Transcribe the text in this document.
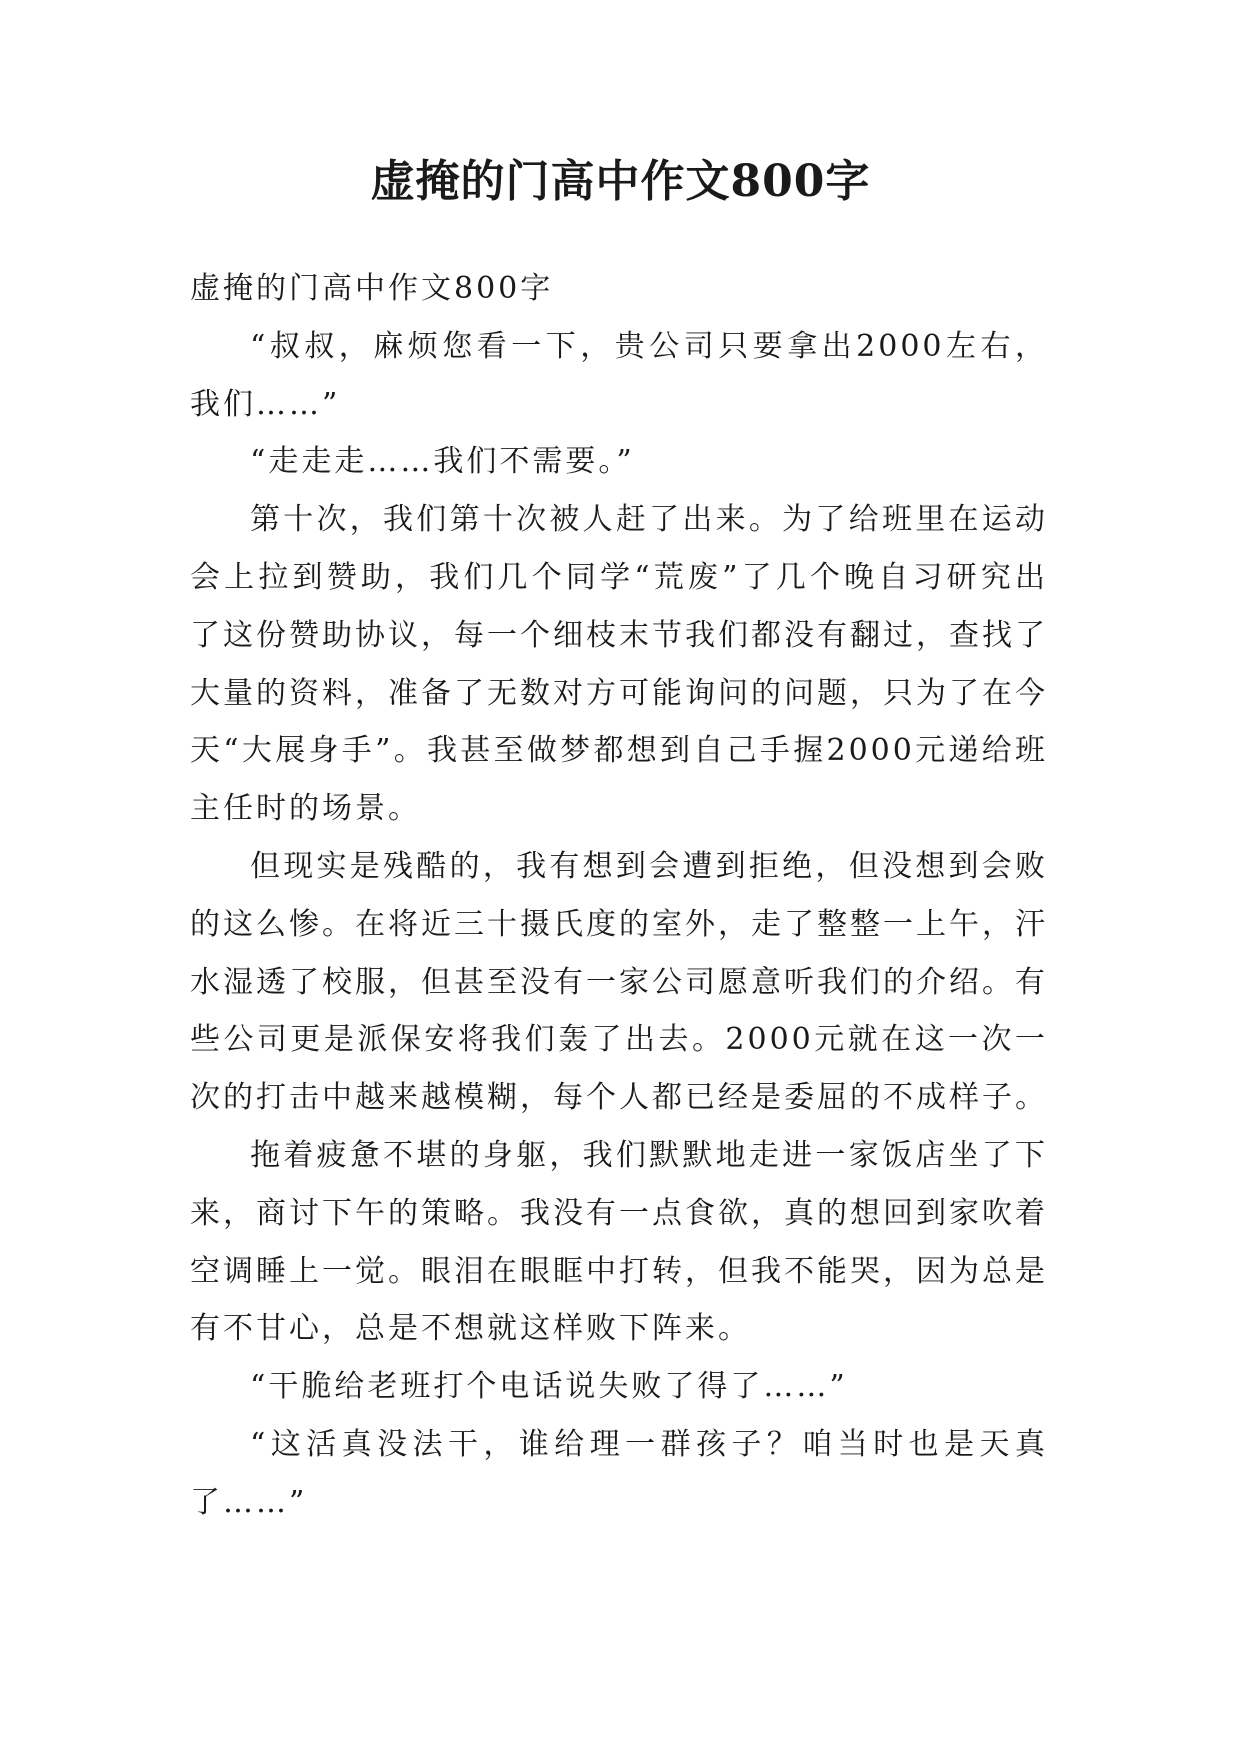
虚掩的门高中作文800字

虚掩的门高中作文800字

“叔叔，麻烦您看一下，贵公司只要拿出2000左右，我们……”

“走走走……我们不需要。”

第十次，我们第十次被人赶了出来。为了给班里在运动会上拉到赞助，我们几个同学“荒废”了几个晚自习研究出了这份赞助协议，每一个细枝末节我们都没有翻过，查找了大量的资料，准备了无数对方可能询问的问题，只为了在今天“大展身手”。我甚至做梦都想到自己手握2000元递给班主任时的场景。

但现实是残酷的，我有想到会遭到拒绝，但没想到会败的这么惨。在将近三十摄氏度的室外，走了整整一上午，汗水湿透了校服，但甚至没有一家公司愿意听我们的介绍。有些公司更是派保安将我们轰了出去。2000元就在这一次一次的打击中越来越模糊，每个人都已经是委屈的不成样子。

拖着疲惫不堪的身躯，我们默默地走进一家饭店坐了下来，商讨下午的策略。我没有一点食欲，真的想回到家吹着空调睡上一觉。眼泪在眼眶中打转，但我不能哭，因为总是有不甘心，总是不想就这样败下阵来。

“干脆给老班打个电话说失败了得了……”

“这活真没法干，谁给理一群孩子？咱当时也是天真了……”
